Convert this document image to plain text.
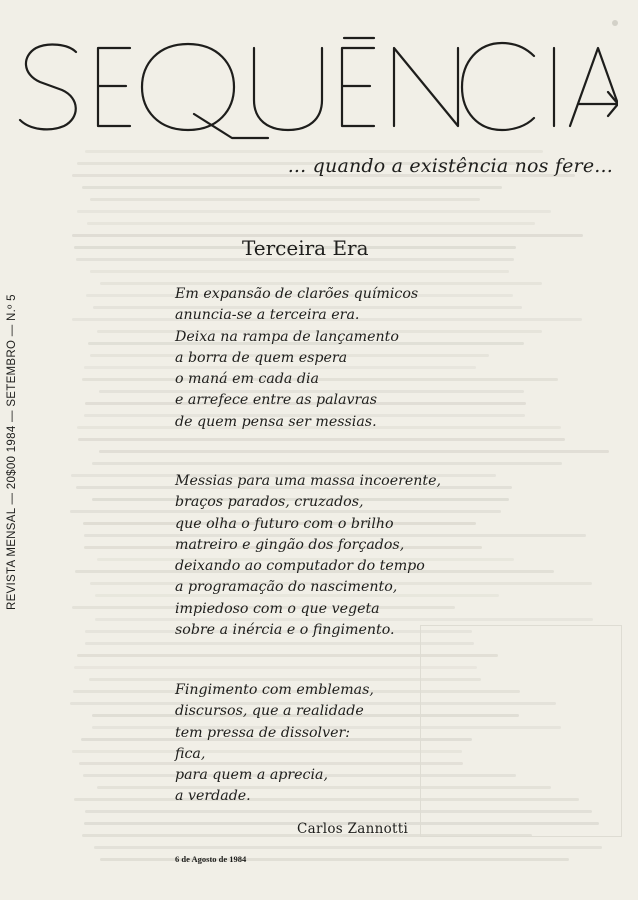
... quando a existência nos fere...
REVISTA MENSAL — 20$00 1984 — SETEMBRO — N.º 5
Terceira Era
Em expansão de clarões químicos
anuncia-se a terceira era.
Deixa na rampa de lançamento
a borra de quem espera
o maná em cada dia
e arrefece entre as palavras
de quem pensa ser messias.
Messias para uma massa incoerente,
braços parados, cruzados,
que olha o futuro com o brilho
matreiro e gingão dos forçados,
deixando ao computador do tempo
a programação do nascimento,
impiedoso com o que vegeta
sobre a inércia e o fingimento.
Fingimento com emblemas,
discursos, que a realidade
tem pressa de dissolver:
fica,
para quem a aprecia,
a verdade.
Carlos Zannotti
6 de Agosto de 1984
